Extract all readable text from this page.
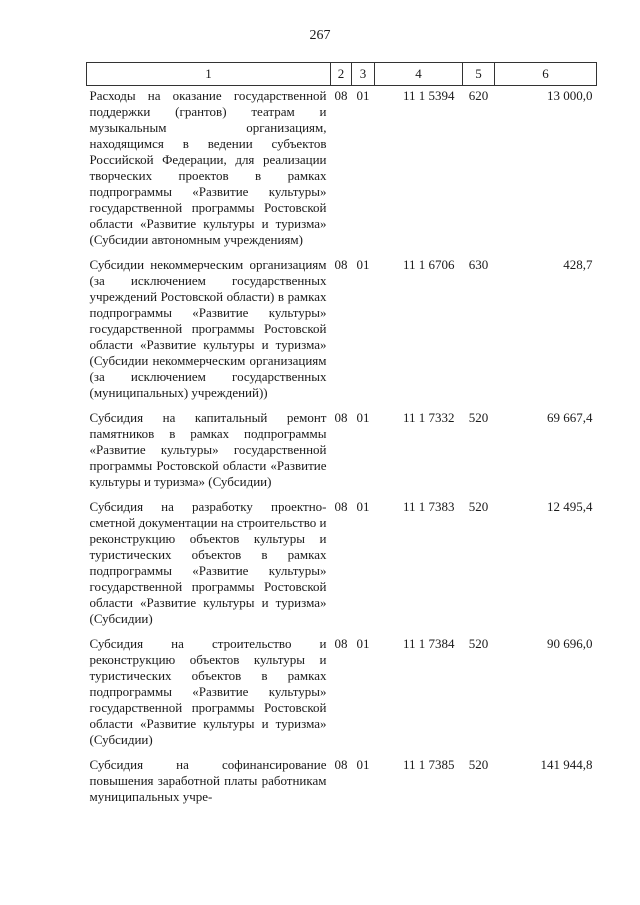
267
1	2	3	4	5	6
Расходы на оказание государственной поддержки (грантов) театрам и музыкальным организациям, находящимся в ведении субъектов Российской Федерации, для реализации творческих проектов в рамках подпрограммы «Развитие культуры» государственной программы Ростовской области «Развитие культуры и туризма» (Субсидии автономным учреждениям)	08	01	11 1 5394	620	13 000,0
Субсидии некоммерческим организациям (за исключением государственных учреждений Ростовской области) в рамках подпрограммы «Развитие культуры» государственной программы Ростовской области «Развитие культуры и туризма» (Субсидии некоммерческим организациям (за исключением государственных (муниципальных) учреждений))	08	01	11 1 6706	630	428,7
Субсидия на капитальный ремонт памятников в рамках подпрограммы «Развитие культуры» государственной программы Ростовской области «Развитие культуры и туризма» (Субсидии)	08	01	11 1 7332	520	69 667,4
Субсидия на разработку проектно-сметной документации на строительство и реконструкцию объектов культуры и туристических объектов в рамках подпрограммы «Развитие культуры» государственной программы Ростовской области «Развитие культуры и туризма» (Субсидии)	08	01	11 1 7383	520	12 495,4
Субсидия на строительство и реконструкцию объектов культуры и туристических объектов в рамках подпрограммы «Развитие культуры» государственной программы Ростовской области «Развитие культуры и туризма» (Субсидии)	08	01	11 1 7384	520	90 696,0
Субсидия на софинансирование повышения заработной платы работникам муниципальных учре-	08	01	11 1 7385	520	141 944,8
